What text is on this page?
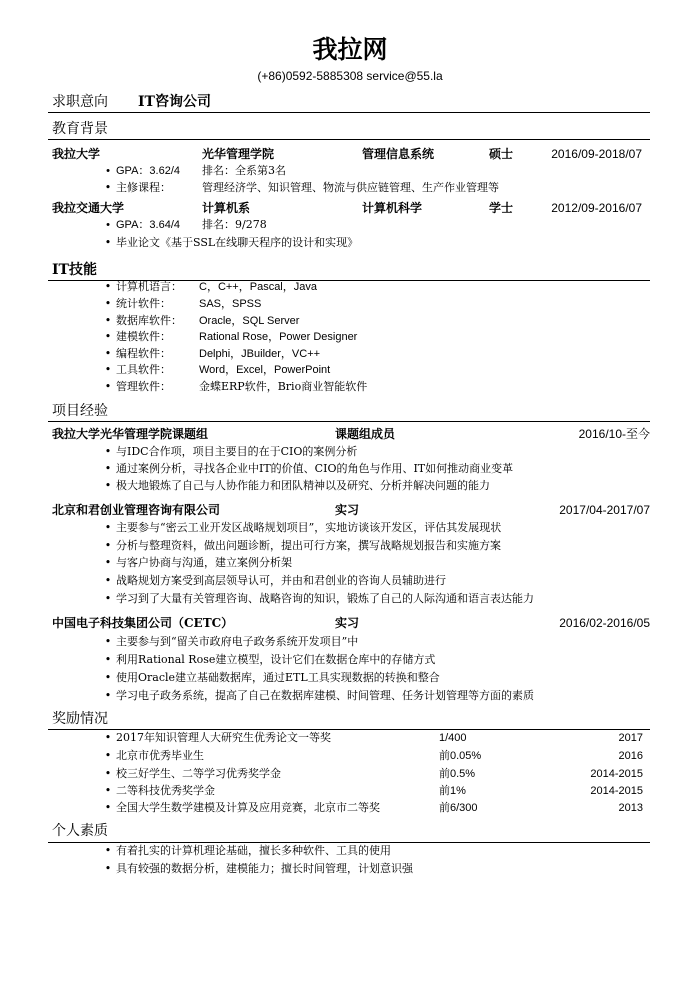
我拉网
(+86)0592-5885308 service@55.la
求职意向 IT咨询公司
教育背景
我拉大学	光华管理学院	管理信息系统	硕士	2016/09-2018/07
• GPA：3.62/4 排名：全系第3名
• 主修课程：	管理经济学、知识管理、物流与供应链管理、生产作业管理等
我拉交通大学	计算机系	计算机科学	学士	2012/09-2016/07
• GPA：3.64/4 排名：9/278
• 毕业论文《基于SSL在线聊天程序的设计和实现》
IT技能
• 计算机语言： C，C++，Pascal，Java
• 统计软件：	SAS，SPSS
• 数据库软件： Oracle，SQL Server
• 建模软件：	Rational Rose，Power Designer
• 编程软件：	Delphi，JBuilder，VC++
• 工具软件：	Word，Excel，PowerPoint
• 管理软件：	金蝶ERP软件，Brio商业智能软件
项目经验
我拉大学光华管理学院课题组	课题组成员	2016/10-至今
• 与IDC合作项，项目主要目的在于CIO的案例分析
• 通过案例分析，寻找各企业中IT的价值、CIO的角色与作用、IT如何推动商业变革
• 极大地锻炼了自己与人协作能力和团队精神以及研究、分析并解决问题的能力
北京和君创业管理咨询有限公司	实习	2017/04-2017/07
• 主要参与“密云工业开发区战略规划项目”，实地访谈该开发区，评估其发展现状
• 分析与整理资料，做出问题诊断，提出可行方案，撰写战略规划报告和实施方案
• 与客户协商与沟通，建立案例分析架
• 战略规划方案受到高层领导认可，并由和君创业的咨询人员辅助进行
• 学习到了大量有关管理咨询、战略咨询的知识，锻炼了自己的人际沟通和语言表达能力
中国电子科技集团公司（CETC）	实习	2016/02-2016/05
• 主要参与到“留关市政府电子政务系统开发项目”中
• 利用Rational Rose建立模型，设计它们在数据仓库中的存储方式
• 使用Oracle建立基础数据库，通过ETL工具实现数据的转换和整合
• 学习电子政务系统，提高了自己在数据库建模、时间管理、任务计划管理等方面的素质
奖励情况
• 2017年知识管理人大研究生优秀论文一等奖	1/400	2017
• 北京市优秀毕业生	前0.05%	2016
• 校三好学生、二等学习优秀奖学金	前0.5%	2014-2015
• 二等科技优秀奖学金	前1%	2014-2015
• 全国大学生数学建模及计算及应用竞赛，北京市二等奖	前6/300	2013
个人素质
• 有着扎实的计算机理论基础，擅长多种软件、工具的使用
• 具有较强的数据分析，建模能力；擅长时间管理，计划意识强
